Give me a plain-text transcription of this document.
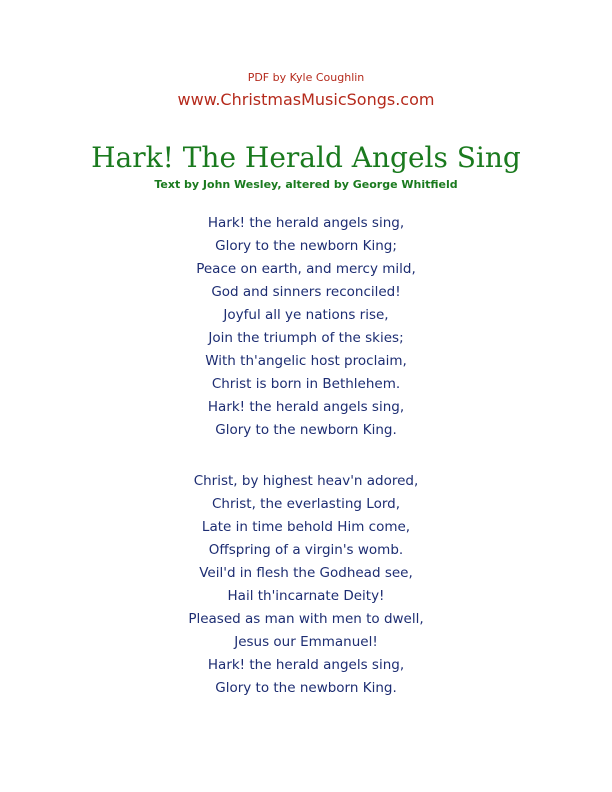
PDF by Kyle Coughlin
www.ChristmasMusicSongs.com
Hark! The Herald Angels Sing
Text by John Wesley, altered by George Whitfield
Hark! the herald angels sing,
Glory to the newborn King;
Peace on earth, and mercy mild,
God and sinners reconciled!
Joyful all ye nations rise,
Join the triumph of the skies;
With th'angelic host proclaim,
Christ is born in Bethlehem.
Hark! the herald angels sing,
Glory to the newborn King.
Christ, by highest heav'n adored,
Christ, the everlasting Lord,
Late in time behold Him come,
Offspring of a virgin's womb.
Veil'd in flesh the Godhead see,
Hail th'incarnate Deity!
Pleased as man with men to dwell,
Jesus our Emmanuel!
Hark! the herald angels sing,
Glory to the newborn King.
